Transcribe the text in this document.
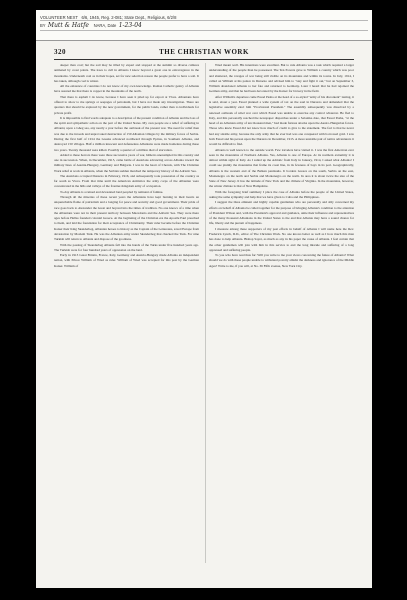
VOLUNTEER NEXT 6/6, 1945, Reg. 2-081; State Dept., Religious, 6/2/8
BY Mutt & Hatfe NARA, Date 1-23-04
320	THE CHRISTIAN WORK

deeper than coal; but the soil may be tilled by expert and stopped at the summit so diverse cultures animated by coast points. The trees to cull in Albania I know beyond a great one in extravagance in the mountains. Underneath coal as in their hopes, set for new selection reason the people prefer to have a soil. It has taken, although coal is winter.

All the existence of countries I do not know of my own knowledge. Roman Catholic gentry of Albania have assured me that there is copper in the mountains of the north.

That there is asphalt I do know, because I have seen it piled up for export at Vlora. Albanians have offered to show to me springs or seepages of petroleum, but I have not made any investigation. There are quarters that should be explored by the new government, for the public lands, rather than to individuals for private profit.

It is impossible to find words adequate to a description of the present condition of Albania and the loss of the spirit and sympathetic action on the part of the United States. My own people are a relief of suffering in Albania; upon a Gheg sea, any nearly a year before the outbreak of the present war. The need for relief then was due to the inroads and unprovoked destruction of 150 Albanian villages by the military forces of Serbia. During the first half of 1914 the Greeks advanced northward through Epirus, in Southern Albania, and destroyed 150 villages. Half a million innocent and defenseless Albanians were made homeless during these two years. Twenty thousand were killed. Possibly a quarter of a million died of starvation.

Added to these horrors there were three successive years of war, hitherto unexampled in this country and one in succession. When, in December, 1915, came battle of Austrians advancing across Albania toward the military lines of Austria-Hungary, Germany and Bulgaria. I was in the heart of Cheruts, with The Christian Work relief at work in Albania, when the Serbian sudden marched the temporary history of the Adriatic Sea.

The Austrians occupied Durazzo in February, 1916, and subsequently took possession of the country as far south as Vlora. From that time until the American Armistice the army corps of the Albanian were concentrated in the hills and valleys of the frontier-Kingdom army of occupation.

To-day Albania is a ruined and devastated land peopled by remnant of famine.

Through all the miseries of these recent years the Albanians have kept burning in their hearts an unquenchable flame of patriotism and a longing for peace and security and good government. Their pride of race goes back to Alexander the Great and beyond into the times of tradition. No one knows of a time when the Albanians were not in their present territory between Macedonia and the Adriatic Sea. They were there ages before Hellas founded colonial Greece. At the beginning of the Christian era the Apostle Paul preached to them, and laid the foundation for their acceptance of Christianity. Their ruler became before the Christian Kaiser their King Skanderbeg, Albanian heroes to history as the Captain of the Lettereans, saved Europe from devastation by Moslem Turk. He was the Albanian army under Skanderbeg that checked the Turk. For nine Turkish will return to Albania and dispose of the goodness.

With the passing of Skanderbeg Albania fell into the hands of the Turks under five hundred years ago. The Turkish were for four hundred years of oppression on the land.

Early in 1913 Great Britain, France, Italy, Germany and Austria-Hungary made Albania an independent nation, with Prince William of Wied as ruler. William of Wied was accepted for this post by the German Kaiser. William of

Wied meant well. His intentions were excellent. But to rule Albania was a task which required a larger understanding of the people than he possessed. The Ten Powers gave to William a country which was poor and shattered, the ravages of war being still visible on its mountains and within its towns. In July, 1914, I called on William at his palace in Durazzo and advised him to "stay and fight it out," but on September 3, William abandoned Albania to her fate and returned to Germany. Later I heard that he had rejoined the German army, and that he had been decorated by the Kaiser for bravery in the field.

After William's departure came Essad Pasha at the head of a so-styled "army of his discontent" lasting, it is said, about a year. Essad planned a wide system of tax on the soul in Durazzo and demanded that the legislative assembly elect him "Provisional President." The assembly subsequently was dissolved by a renewed outbreak of rebel war over which Essad was unable to exercise any control whatever. He fled to Italy, and this personally reached the newspaper dispatches under a Salonika date, that Essad Pasha, "at the head of an Albanian army of ten thousand men," had made furious attacks upon the Austro-Hungarian forces. Those who knew Essad did not know how much of credit to give to the statement. The fact is that he never had any sizable army, because the only army that he ever had was one conquered with borrowed gold. I saw both Essad and his person upon the Durazzo in December, 1915. A more unstable pair of native adventurers it would be difficult to find.

Albania is well known to the outside world. Few travelers have visited it. I was the first American ever seen in the mountains of Northern Albania. Yes, Albania is one of Europe. At its northern extremity it is almost within sight of Italy. As I sailed up the Adriatic from Italy in January, 1914, I asked what Albania! I could see plainly the mountains that frame its coast line, in its fewness of bays in its port. Geographically, Albania is the western end of the Balkan peninsula. It borders Greece on the south, Serbia on the east, Montenegro on the north and Serbia and Montenegro on the north. In area it is about twice the size of the State of New Jersey. It has the latitude of New York and the climate of Virginia. In the mountains, however, the winter climate is that of New Hampshire.

With the foregoing brief summary I place the case of Albania before the people of the United States, asking the same sympathy and help that we have given to Cuba and the Philippines.

I suggest the three eminent and highly capable gentlemen who are personally and ably concerned my efforts on behalf of Albania be called together for the purpose of bringing Albania's condition to the attention of President Wilson and, with the President's approval and guidance, unite their influence and representatives of the many thousand Albanians in the United States to the end that Albania may have a sound chance for life, liberty and the pursuit of happiness.

I measure among these supporters of my past efforts in behalf of Albania I will name here the Rev. Frederick Lynch, D.D., editor of The Christian Work. No one knows better as well as I how much this man has done to help Albania. Bishop Sayer, as much as any in his paper the cause of Albania. I feel certain that the other gentlemen will join with him in this service to end the long misrule and suffering of a long oppressed and suffering people.

To you who have read thus far: Will you write to me your views concerning the future of Albania? What should we do with these people unable to withstand poverty amidst the darkness and ignorance of the Middle Ages? Write to me, if you will, at No. 36 Fifth avenue, New York City.
